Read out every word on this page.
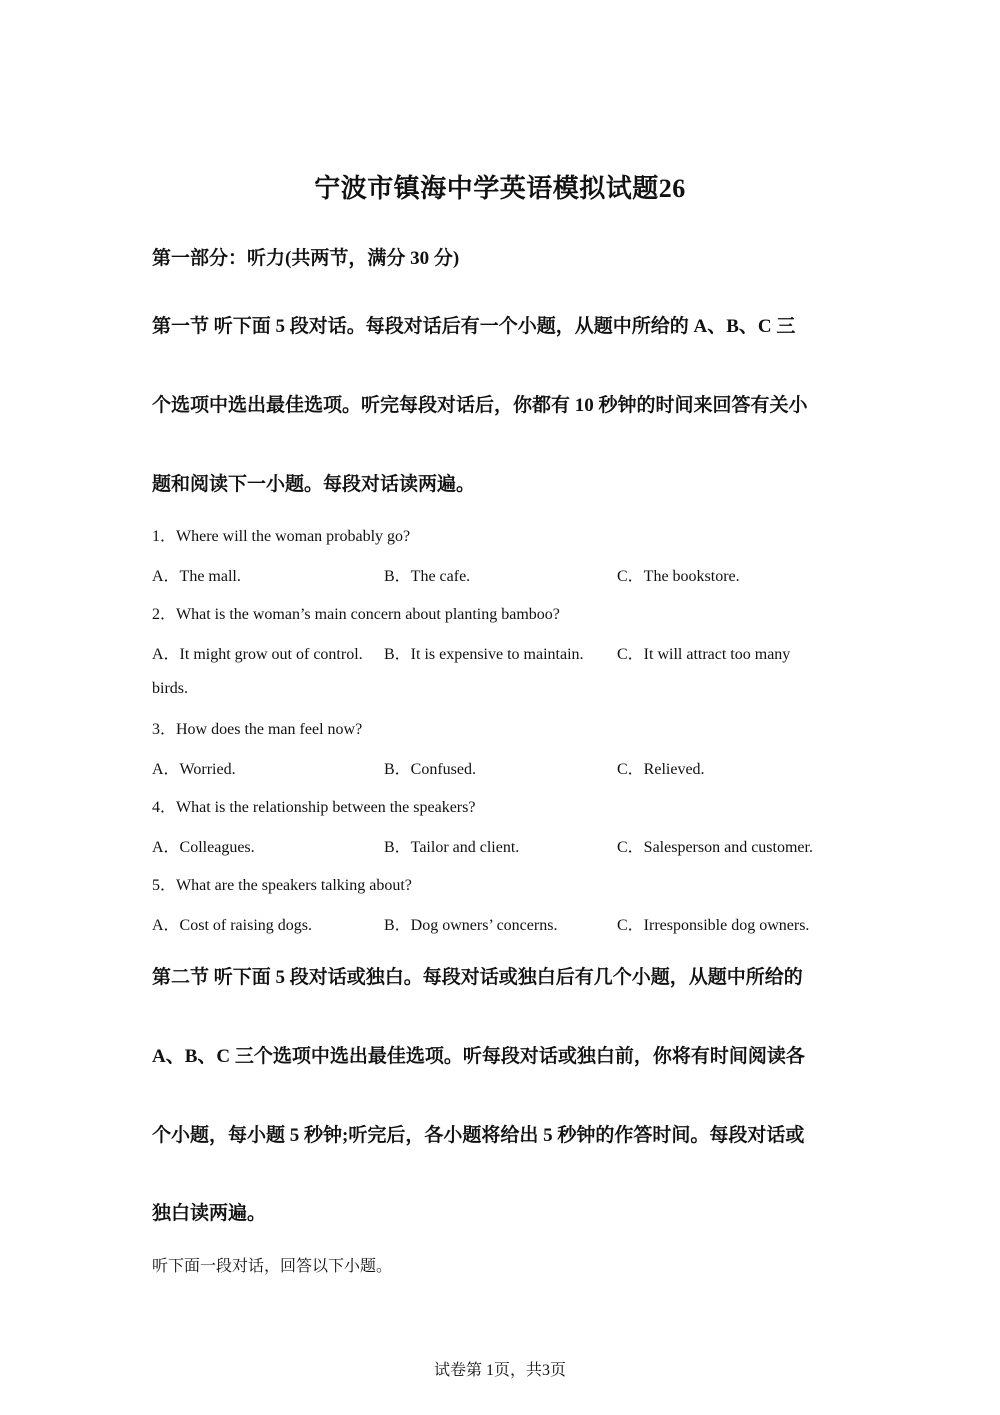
宁波市镇海中学英语模拟试题26
第一部分：听力(共两节，满分 30 分)
第一节 听下面 5 段对话。每段对话后有一个小题，从题中所给的 A、B、C 三
个选项中选出最佳选项。听完每段对话后，你都有 10 秒钟的时间来回答有关小
题和阅读下一小题。每段对话读两遍。
1．Where will the woman probably go?
A．The mall.	B．The cafe.	C．The bookstore.
2．What is the woman’s main concern about planting bamboo?
A．It might grow out of control. B．It is expensive to maintain. C．It will attract too many
birds.
3．How does the man feel now?
A．Worried.	B．Confused.	C．Relieved.
4．What is the relationship between the speakers?
A．Colleagues.	B．Tailor and client.	C．Salesperson and customer.
5．What are the speakers talking about?
A．Cost of raising dogs.	B．Dog owners’ concerns.	C．Irresponsible dog owners.
第二节 听下面 5 段对话或独白。每段对话或独白后有几个小题，从题中所给的
A、B、C 三个选项中选出最佳选项。听每段对话或独白前，你将有时间阅读各
个小题，每小题 5 秒钟;听完后，各小题将给出 5 秒钟的作答时间。每段对话或
独白读两遍。
听下面一段对话，回答以下小题。
试卷第 1页，共3页
